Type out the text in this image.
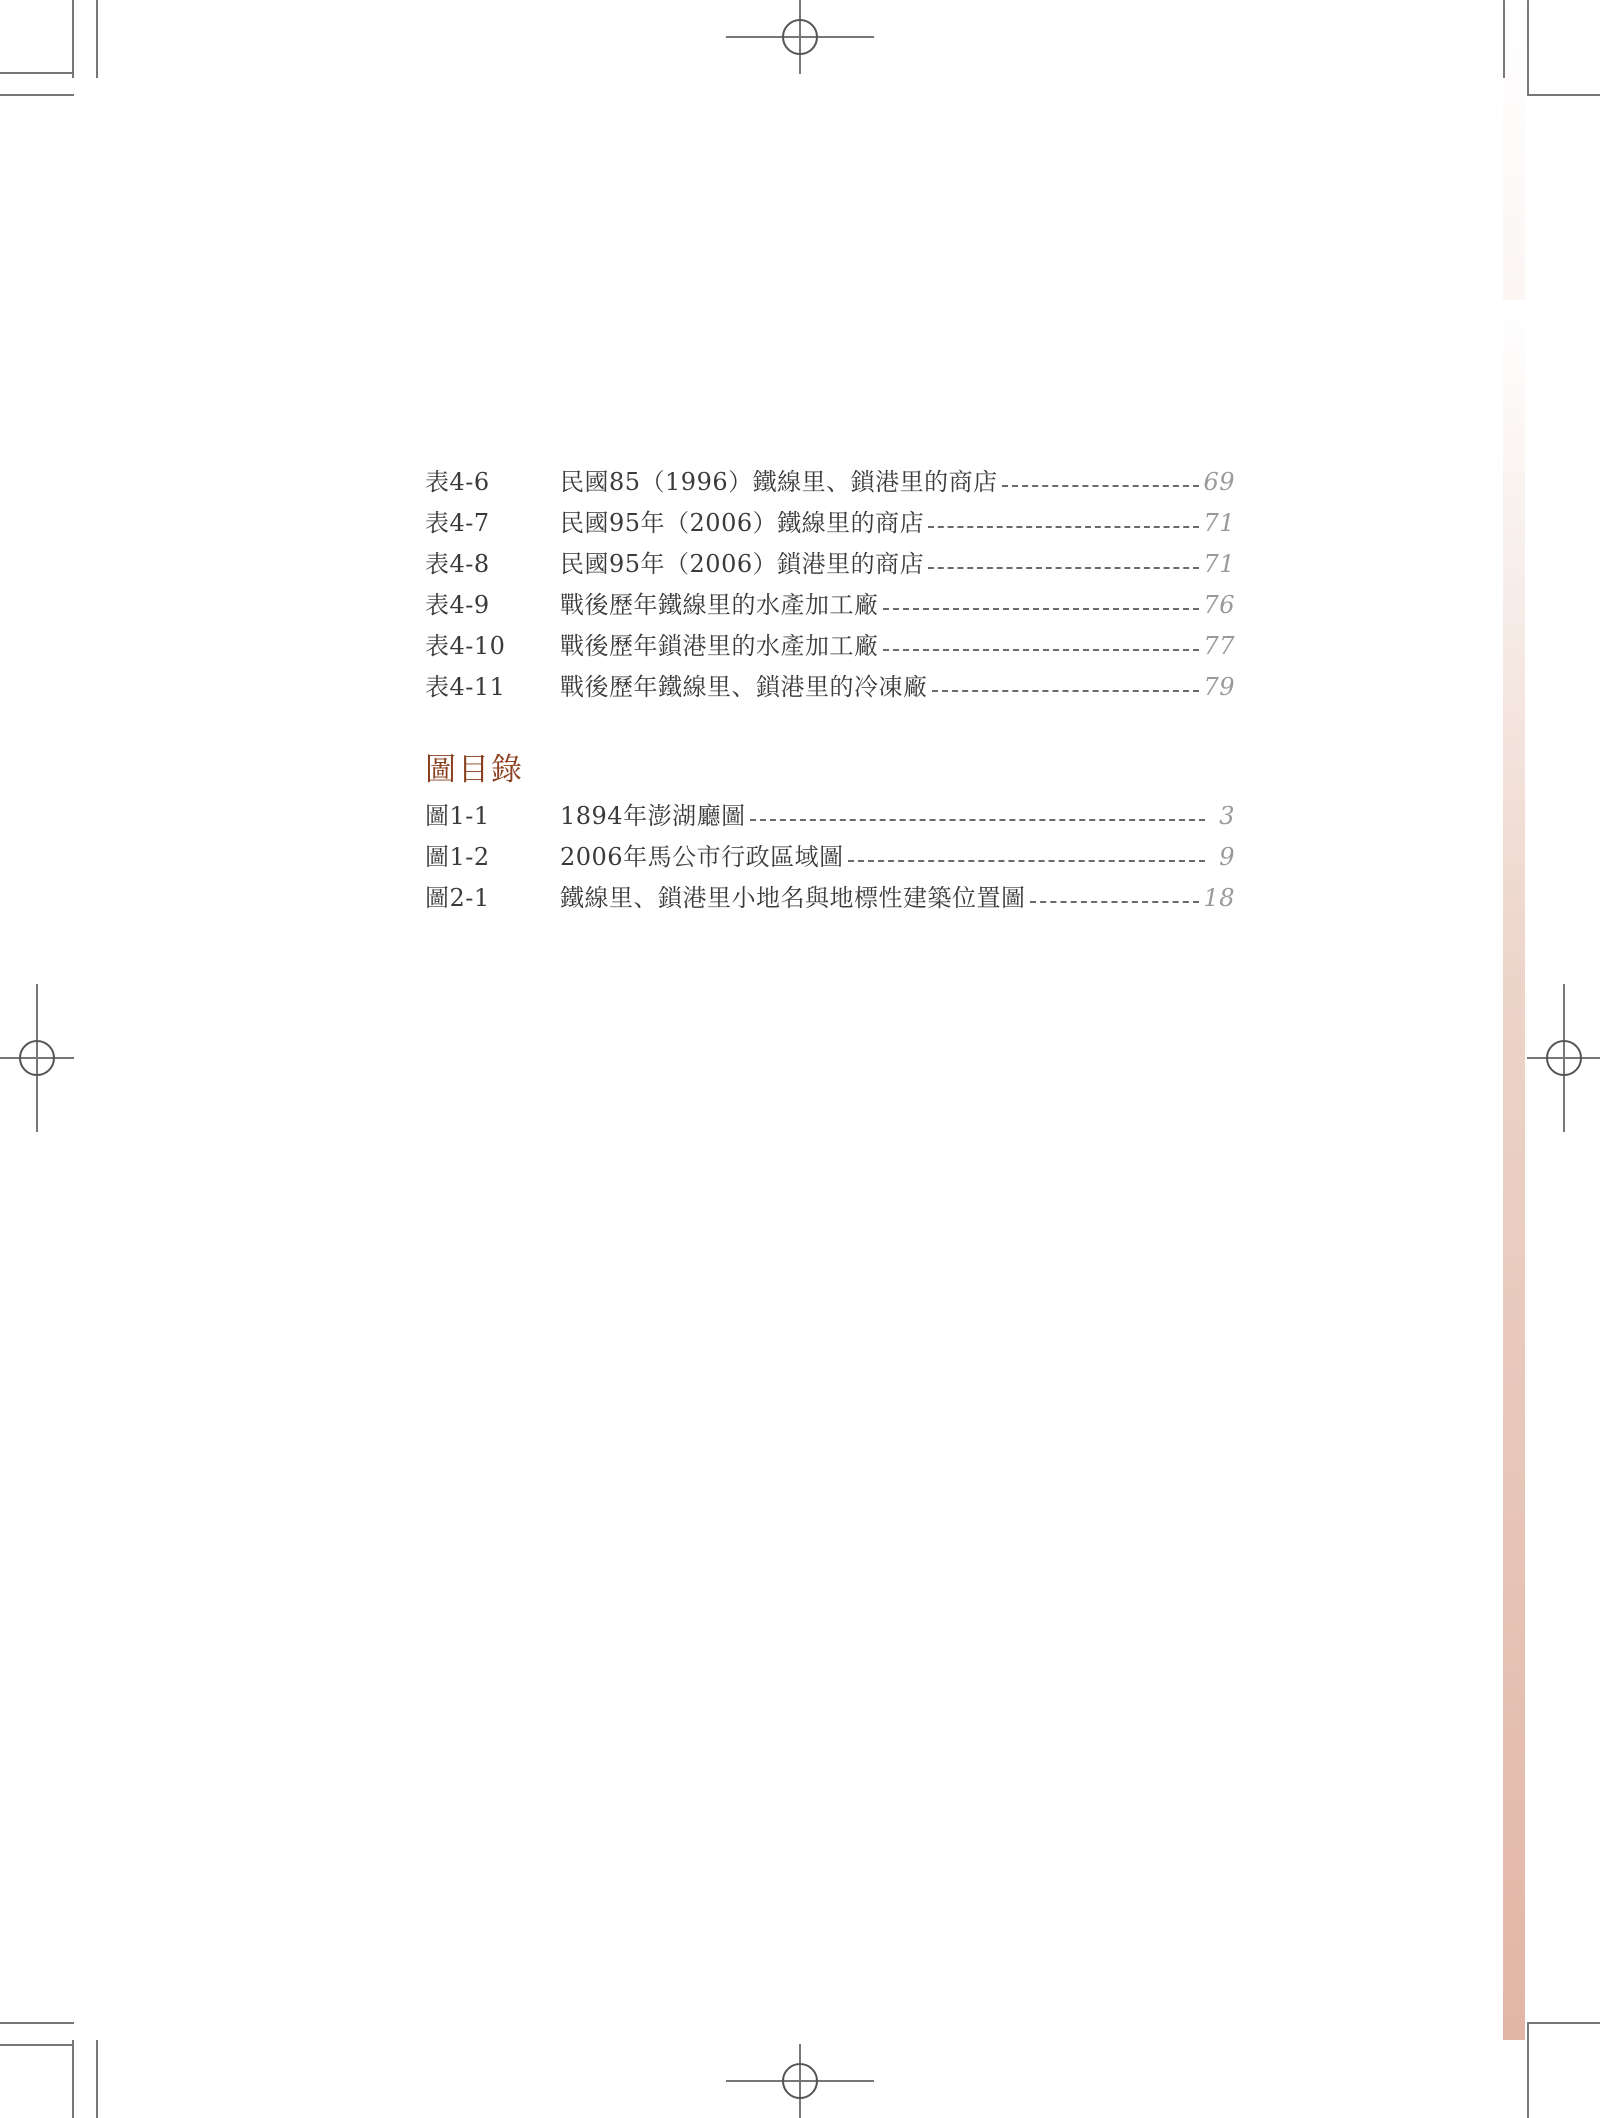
表4-6	民國85（1996）鐵線里、鎖港里的商店	69
表4-7	民國95年（2006）鐵線里的商店	71
表4-8	民國95年（2006）鎖港里的商店	71
表4-9	戰後歷年鐵線里的水產加工廠	76
表4-10	戰後歷年鎖港里的水產加工廠	77
表4-11	戰後歷年鐵線里、鎖港里的冷凍廠	79
圖目錄
圖1-1	1894年澎湖廳圖	3
圖1-2	2006年馬公市行政區域圖	9
圖2-1	鐵線里、鎖港里小地名與地標性建築位置圖	18
